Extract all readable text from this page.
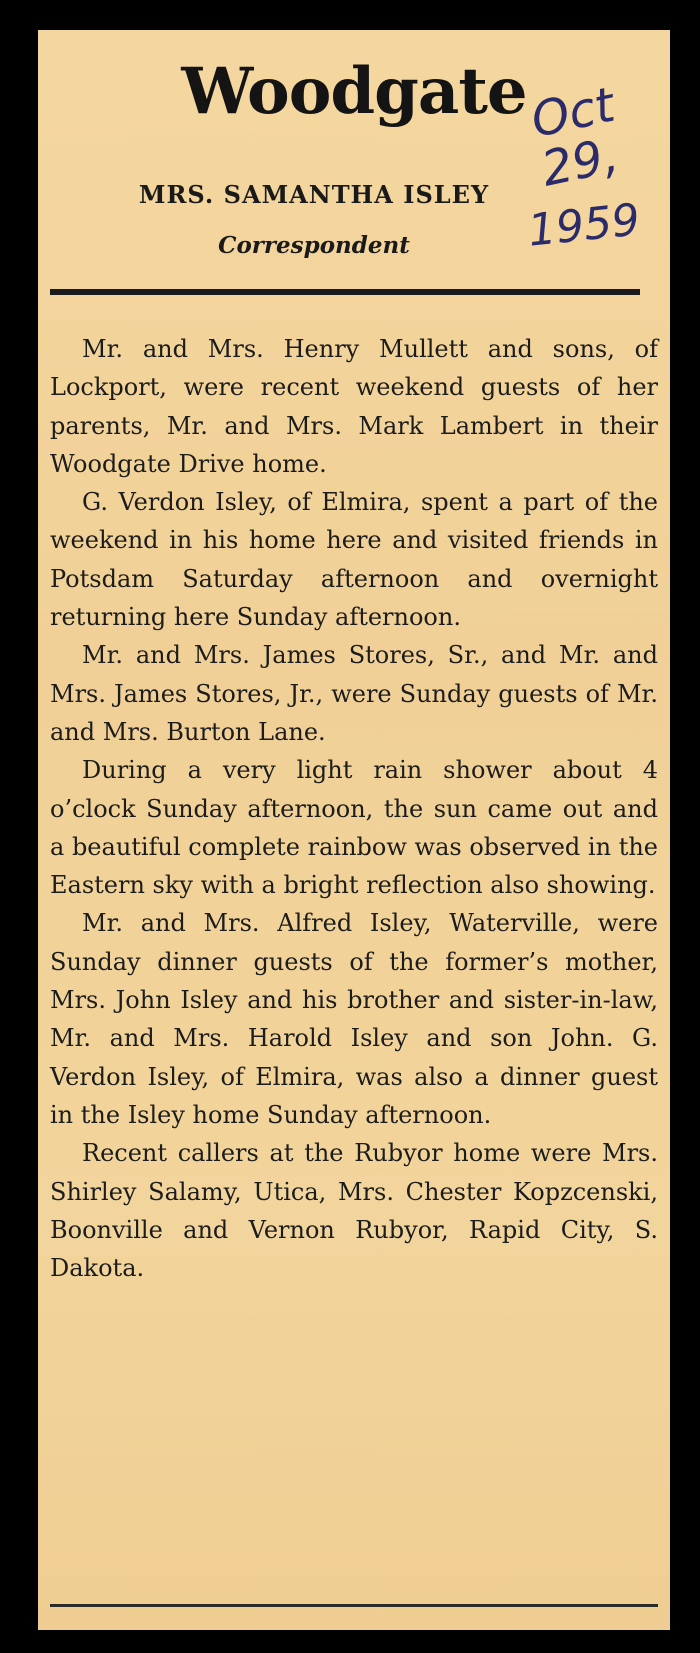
Woodgate Oct 29,
MRS. SAMANTHA ISLEY
Correspondent	1959

Mr. and Mrs. Henry Mullett and sons, of Lockport, were recent weekend guests of her parents, Mr. and Mrs. Mark Lambert in their Woodgate Drive home.

G. Verdon Isley, of Elmira, spent a part of the weekend in his home here and visited friends in Potsdam Saturday afternoon and overnight returning here Sunday afternoon.

Mr. and Mrs. James Stores, Sr., and Mr. and Mrs. James Stores, Jr., were Sunday guests of Mr. and Mrs. Burton Lane.

During a very light rain shower about 4 o’clock Sunday afternoon, the sun came out and a beautiful complete rainbow was observed in the Eastern sky with a bright reflection also showing.

Mr. and Mrs. Alfred Isley, Waterville, were Sunday dinner guests of the former’s mother, Mrs. John Isley and his brother and sister-in-law, Mr. and Mrs. Harold Isley and son John. G. Verdon Isley, of Elmira, was also a dinner guest in the Isley home Sunday afternoon.

Recent callers at the Rubyor home were Mrs. Shirley Salamy, Utica, Mrs. Chester Kopzcenski, Boonville and Vernon Rubyor, Rapid City, S. Dakota.
